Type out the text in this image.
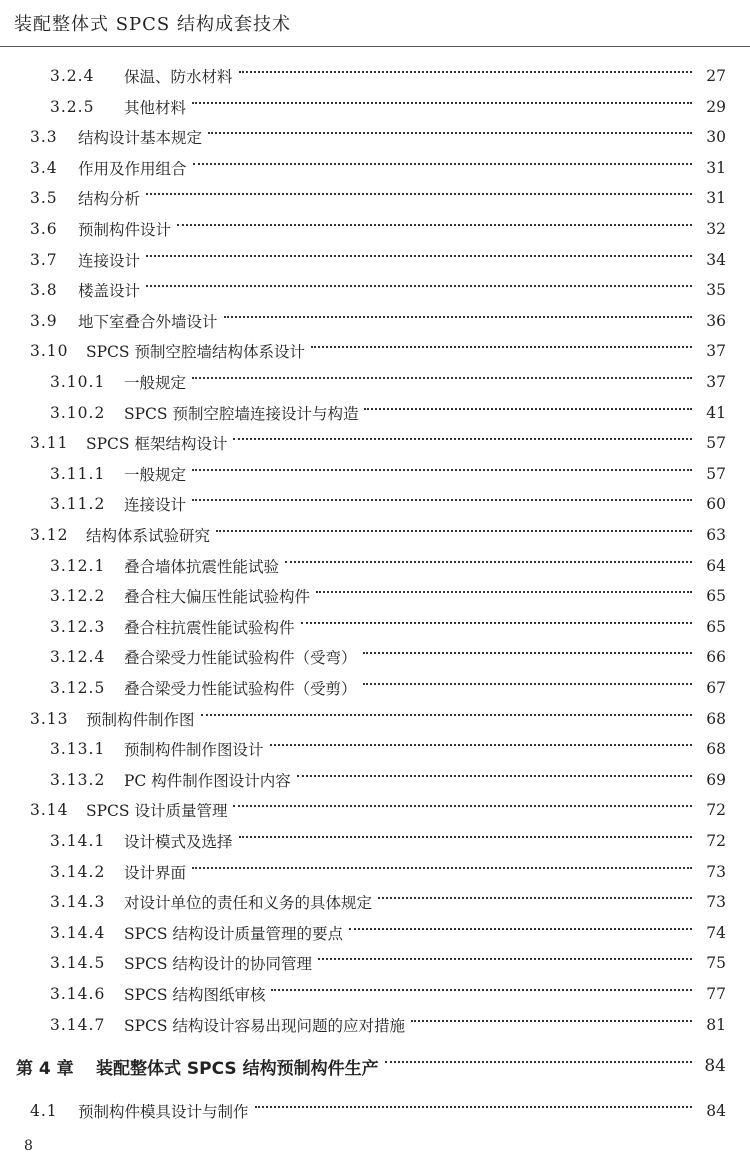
装配整体式 SPCS 结构成套技术
3.2.4	保温、防水材料	27
3.2.5	其他材料	29
3.3	结构设计基本规定	30
3.4	作用及作用组合	31
3.5	结构分析	31
3.6	预制构件设计	32
3.7	连接设计	34
3.8	楼盖设计	35
3.9	地下室叠合外墙设计	36
3.10	SPCS 预制空腔墙结构体系设计	37
3.10.1	一般规定	37
3.10.2	SPCS 预制空腔墙连接设计与构造	41
3.11	SPCS 框架结构设计	57
3.11.1	一般规定	57
3.11.2	连接设计	60
3.12	结构体系试验研究	63
3.12.1	叠合墙体抗震性能试验	64
3.12.2	叠合柱大偏压性能试验构件	65
3.12.3	叠合柱抗震性能试验构件	65
3.12.4	叠合梁受力性能试验构件（受弯）	66
3.12.5	叠合梁受力性能试验构件（受剪）	67
3.13	预制构件制作图	68
3.13.1	预制构件制作图设计	68
3.13.2	PC 构件制作图设计内容	69
3.14	SPCS 设计质量管理	72
3.14.1	设计模式及选择	72
3.14.2	设计界面	73
3.14.3	对设计单位的责任和义务的具体规定	73
3.14.4	SPCS 结构设计质量管理的要点	74
3.14.5	SPCS 结构设计的协同管理	75
3.14.6	SPCS 结构图纸审核	77
3.14.7	SPCS 结构设计容易出现问题的应对措施	81
第 4 章	装配整体式 SPCS 结构预制构件生产	84
4.1	预制构件模具设计与制作	84
8
